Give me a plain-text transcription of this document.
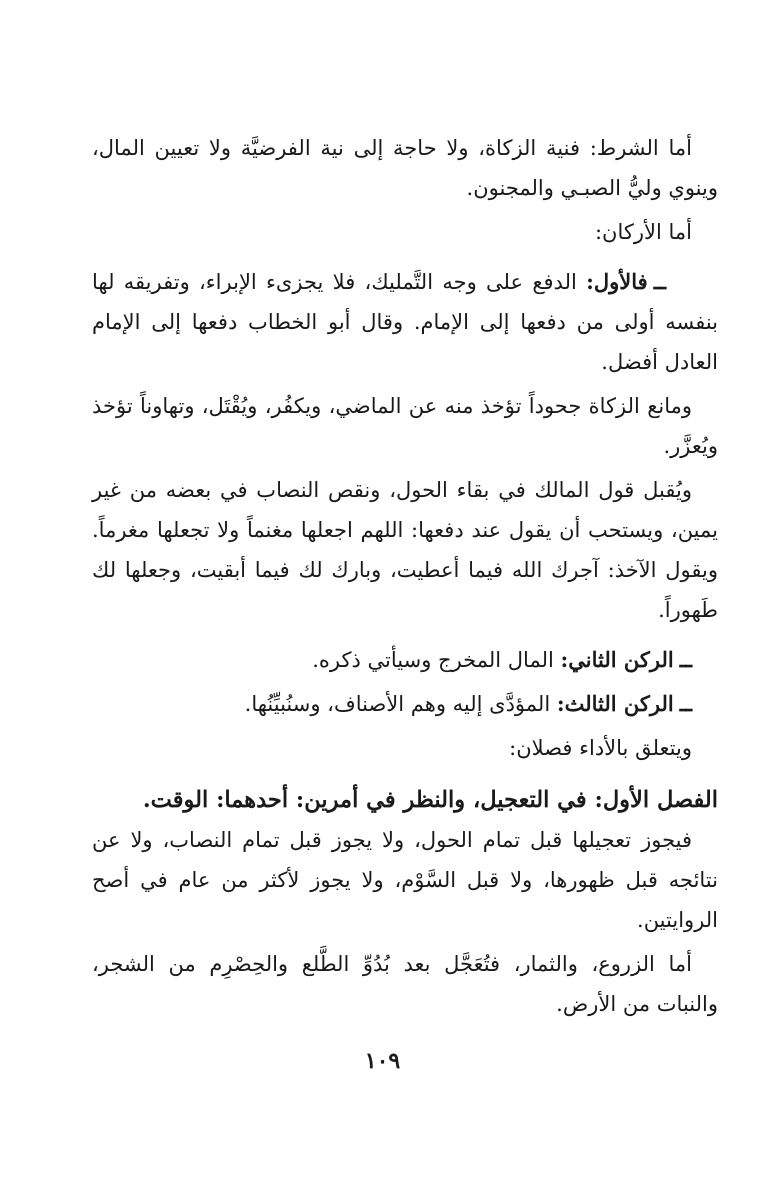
أما الشرط: فنية الزكاة، ولا حاجة إلى نية الفرضيَّة ولا تعيين المال، وينوي وليُّ الصبـي والمجنون.

أما الأركان:

ــفالأول: الدفع على وجه التَّمليك، فلا يجزىء الإبراء، وتفريقه لها بنفسه أولى من دفعها إلى الإمام. وقال أبو الخطاب دفعها إلى الإمام العادل أفضل.

ومانع الزكاة جحوداً تؤخذ منه عن الماضي، ويكفُر، ويُقْتَل، وتهاوناً تؤخذ ويُعزَّر.

ويُقبل قول المالك في بقاء الحول، ونقص النصاب في بعضه من غير يمين، ويستحب أن يقول عند دفعها: اللهم اجعلها مغنماً ولا تجعلها مغرماً. ويقول الآخذ: آجرك الله فيما أعطيت، وبارك لك فيما أبقيت، وجعلها لك طَهوراً.

ــالركن الثاني: المال المخرج وسيأتي ذكره.

ــالركن الثالث: المؤدَّى إليه وهم الأصناف، وسنُبيِّنُها.

ويتعلق بالأداء فصلان:

الفصل الأول: في التعجيل، والنظر في أمرين: أحدهما: الوقت.

فيجوز تعجيلها قبل تمام الحول، ولا يجوز قبل تمام النصاب، ولا عن نتائجه قبل ظهورها، ولا قبل السَّوْم، ولا يجوز لأكثر من عام في أصح الروايتين.

أما الزروع، والثمار، فتُعَجَّل بعد بُدُوِّ الطَّلع والحِصْرِم من الشجر، والنبات من الأرض.

١٠٩
